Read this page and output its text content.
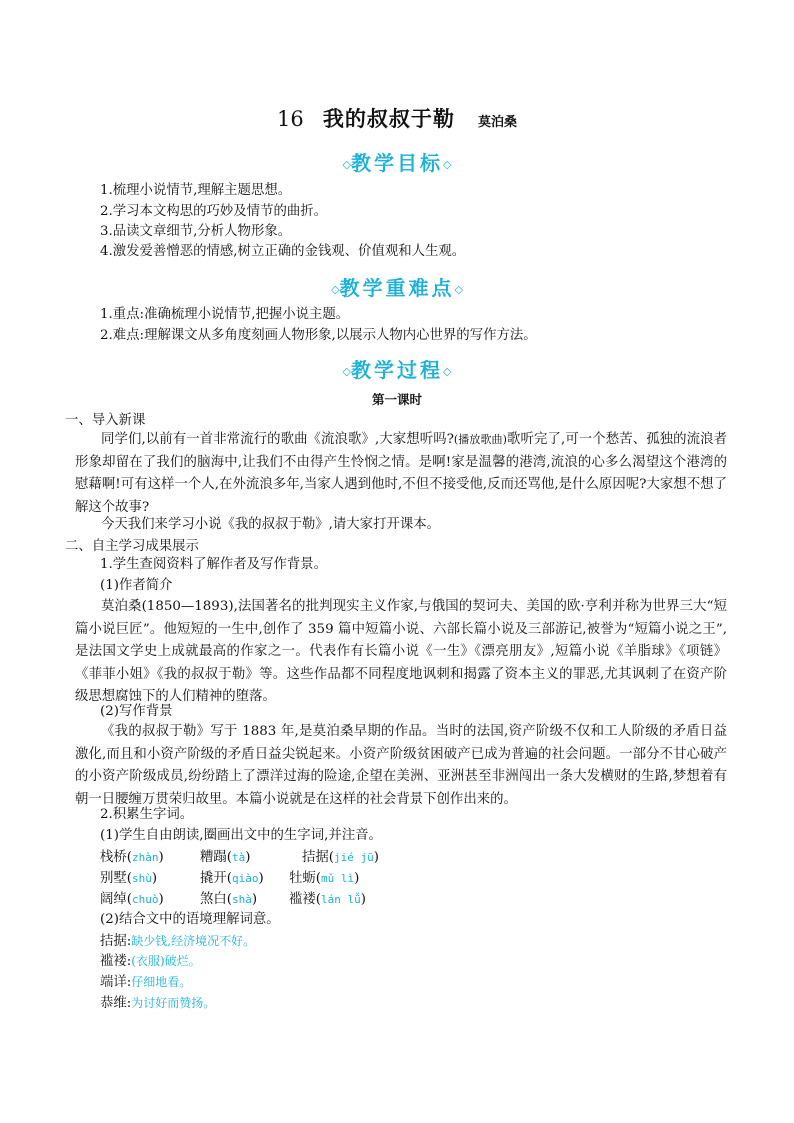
16 我的叔叔于勒 莫泊桑
◇教学目标◇
1.梳理小说情节,理解主题思想。
2.学习本文构思的巧妙及情节的曲折。
3.品读文章细节,分析人物形象。
4.激发爱善憎恶的情感,树立正确的金钱观、价值观和人生观。
◇教学重难点◇
1.重点:准确梳理小说情节,把握小说主题。
2.难点:理解课文从多角度刻画人物形象,以展示人物内心世界的写作方法。
◇教学过程◇
第一课时
一、导入新课

同学们,以前有一首非常流行的歌曲《流浪歌》,大家想听吗?(播放歌曲)歌听完了,可一个愁苦、孤独的流浪者形象却留在了我们的脑海中,让我们不由得产生怜悯之情。是啊!家是温馨的港湾,流浪的心多么渴望这个港湾的慰藉啊!可有这样一个人,在外流浪多年,当家人遇到他时,不但不接受他,反而还骂他,是什么原因呢?大家想不想了解这个故事?

今天我们来学习小说《我的叔叔于勒》,请大家打开课本。

二、自主学习成果展示
1.学生查阅资料了解作者及写作背景。
(1)作者简介

莫泊桑(1850—1893),法国著名的批判现实主义作家,与俄国的契诃夫、美国的欧·亨利并称为世界三大“短篇小说巨匠”。他短短的一生中,创作了 359 篇中短篇小说、六部长篇小说及三部游记,被誉为“短篇小说之王”,是法国文学史上成就最高的作家之一。代表作有长篇小说《一生》《漂亮朋友》,短篇小说《羊脂球》《项链》《菲菲小姐》《我的叔叔于勒》等。这些作品都不同程度地讽刺和揭露了资本主义的罪恶,尤其讽刺了在资产阶级思想腐蚀下的人们精神的堕落。

(2)写作背景

《我的叔叔于勒》写于 1883 年,是莫泊桑早期的作品。当时的法国,资产阶级不仅和工人阶级的矛盾日益激化,而且和小资产阶级的矛盾日益尖锐起来。小资产阶级贫困破产已成为普遍的社会问题。一部分不甘心破产的小资产阶级成员,纷纷踏上了漂洋过海的险途,企望在美洲、亚洲甚至非洲闯出一条大发横财的生路,梦想着有朝一日腰缠万贯荣归故里。本篇小说就是在这样的社会背景下创作出来的。

2.积累生字词。
(1)学生自由朗读,圈画出文中的生字词,并注音。
栈桥(zhàn)	糟蹋(tà)	拮据(jié jū)
别墅(shù)	撬开(qiào) 牡蛎(mǔ lì)
阔绰(chuò)	煞白(shà) 褴褛(lán lǚ)
(2)结合文中的语境理解词意。
拮据:缺少钱,经济境况不好。
褴褛:(衣服)破烂。
端详:仔细地看。
恭维:为讨好而赞扬。
